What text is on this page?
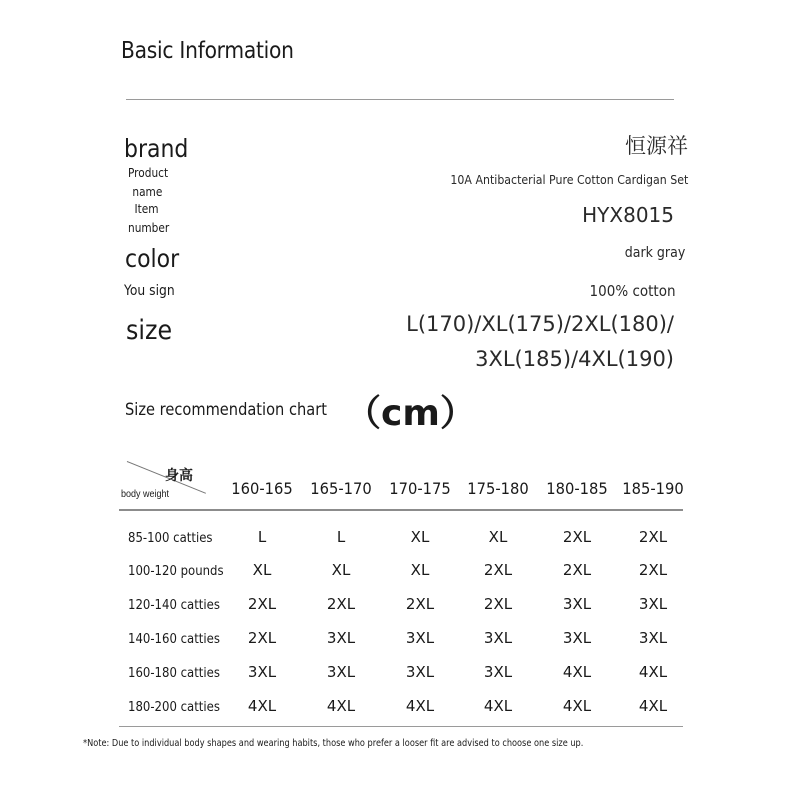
Basic Information
brand	恒源祥
Product
name
10A Antibacterial Pure Cotton Cardigan Set
Item
number
HYX8015
color	dark gray
You sign	100% cotton
size	L(170)/XL(175)/2XL(180)/
3XL(185)/4XL(190)
Size recommendation chart （cm）
身高
body weight	160-165	165-170	170-175	175-180	180-185 185-190
85-100 catties	L	L	XL	XL	2XL	2XL
100-120 pounds	XL	XL	XL	2XL	2XL	2XL
120-140 catties	2XL	2XL	2XL	2XL	3XL	3XL
140-160 catties	2XL	3XL	3XL	3XL	3XL	3XL
160-180 catties	3XL	3XL	3XL	3XL	4XL	4XL
180-200 catties	4XL	4XL	4XL	4XL	4XL	4XL
*Note: Due to individual body shapes and wearing habits, those who prefer a looser fit are advised to choose one size up.
